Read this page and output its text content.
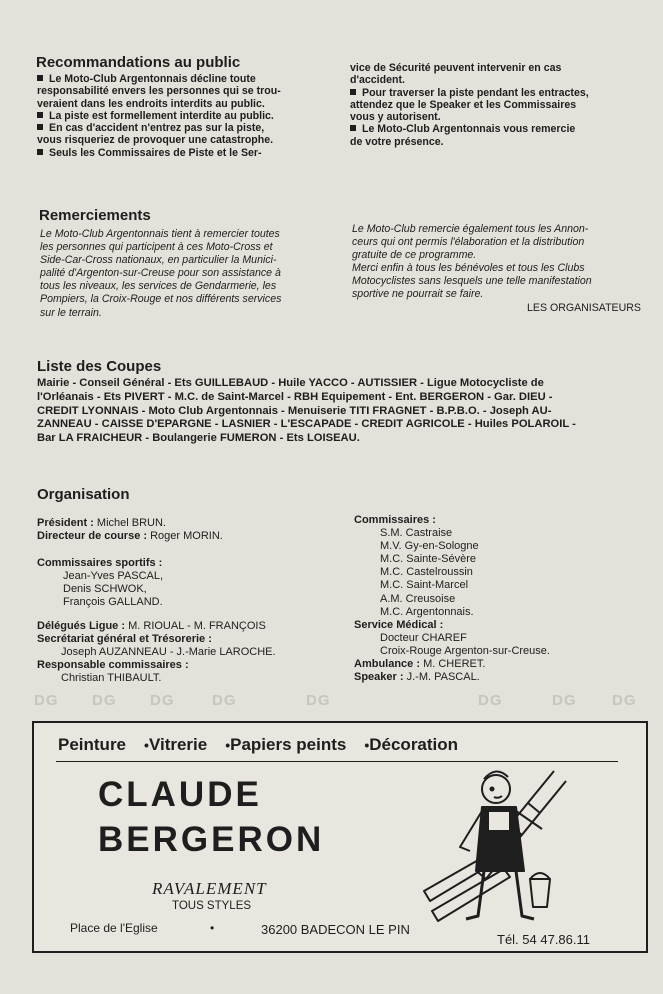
Recommandations au public
Le Moto-Club Argentonnais décline toute
responsabilité envers les personnes qui se trou-
veraient dans les endroits interdits au public.
La piste est formellement interdite au public.
En cas d'accident n'entrez pas sur la piste,
vous risqueriez de provoquer une catastrophe.
Seuls les Commissaires de Piste et le Ser-
vice de Sécurité peuvent intervenir en cas
d'accident.
Pour traverser la piste pendant les entractes,
attendez que le Speaker et les Commissaires
vous y autorisent.
Le Moto-Club Argentonnais vous remercie
de votre présence.
Remerciements
Le Moto-Club Argentonnais tient à remercier toutes
les personnes qui participent à ces Moto-Cross et
Side-Car-Cross nationaux, en particulier la Munici-
palité d'Argenton-sur-Creuse pour son assistance à
tous les niveaux, les services de Gendarmerie, les
Pompiers, la Croix-Rouge et nos différents services
sur le terrain.
Le Moto-Club remercie également tous les Annon-
ceurs qui ont permis l'élaboration et la distribution
gratuite de ce programme.
Merci enfin à tous les bénévoles et tous les Clubs
Motocyclistes sans lesquels une telle manifestation
sportive ne pourrait se faire.
LES ORGANISATEURS
Liste des Coupes
Mairie - Conseil Général - Ets GUILLEBAUD - Huile YACCO - AUTISSIER - Ligue Motocycliste de
l'Orléanais - Ets PIVERT - M.C. de Saint-Marcel - RBH Equipement - Ent. BERGERON - Gar. DIEU -
CREDIT LYONNAIS - Moto Club Argentonnais - Menuiserie TITI FRAGNET - B.P.B.O. - Joseph AU-
ZANNEAU - CAISSE D'EPARGNE - LASNIER - L'ESCAPADE - CREDIT AGRICOLE - Huiles POLAROIL -
Bar LA FRAICHEUR - Boulangerie FUMERON - Ets LOISEAU.
Organisation
Président : Michel BRUN.
Directeur de course : Roger MORIN.
Commissaires sportifs :
Jean-Yves PASCAL,
Denis SCHWOK,
François GALLAND.
Délégués Ligue : M. RIOUAL - M. FRANÇOIS
Secrétariat général et Trésorerie :
Joseph AUZANNEAU - J.-Marie LAROCHE.
Responsable commissaires :
Christian THIBAULT.
Commissaires :
S.M. Castraise
M.V. Gy-en-Sologne
M.C. Sainte-Sévère
M.C. Castelroussin
M.C. Saint-Marcel
A.M. Creusoise
M.C. Argentonnais.
Service Médical :
Docteur CHAREF
Croix-Rouge Argenton-sur-Creuse.
Ambulance : M. CHERET.
Speaker : J.-M. PASCAL.
DG DG DG	DG	DG	DG	DG DG
Peinture •Vitrerie •Papiers peints •Décoration
CLAUDE
BERGERON
RAVALEMENT
TOUS STYLES
Place de l'Eglise	•	36200 BADECON LE PIN
Tél. 54 47.86.11
